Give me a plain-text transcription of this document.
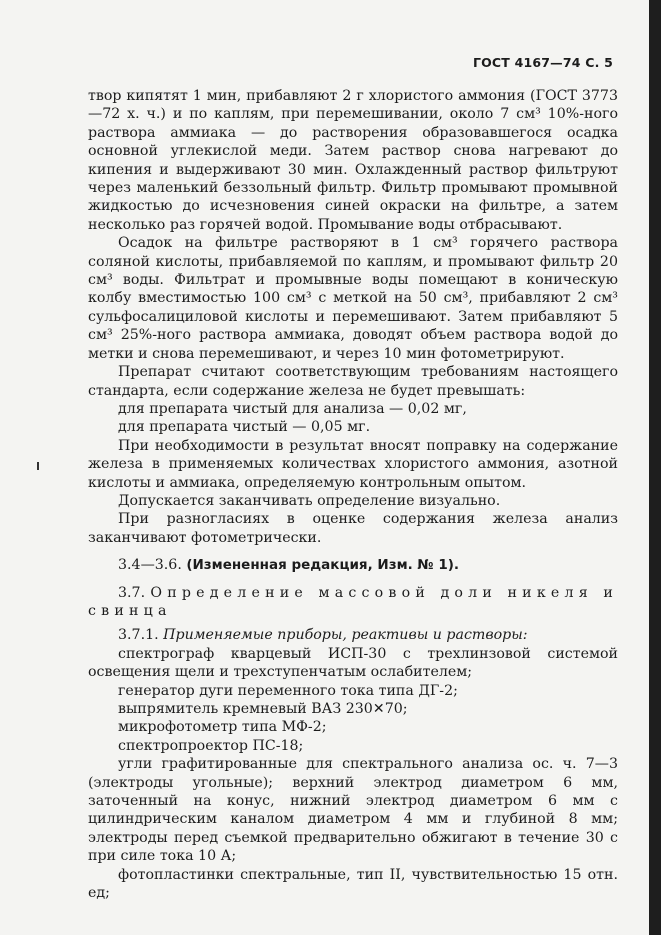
ГОСТ 4167—74 С. 5

твор кипятят 1 мин, прибавляют 2 г хлористого аммония (ГОСТ 3773—72 х. ч.) и по каплям, при перемешивании, около 7 см³ 10%-ного раствора аммиака — до растворения образовавшегося осадка основной углекислой меди. Затем раствор снова нагревают до кипения и выдерживают 30 мин. Охлажденный раствор фильтруют через маленький беззольный фильтр. Фильтр промывают промывной жидкостью до исчезновения синей окраски на фильтре, а затем несколько раз горячей водой. Промывание воды отбрасывают.

Осадок на фильтре растворяют в 1 см³ горячего раствора соляной кислоты, прибавляемой по каплям, и промывают фильтр 20 см³ воды. Фильтрат и промывные воды помещают в коническую колбу вместимостью 100 см³ с меткой на 50 см³, прибавляют 2 см³ сульфосалициловой кислоты и перемешивают. Затем прибавляют 5 см³ 25%-ного раствора аммиака, доводят объем раствора водой до метки и снова перемешивают, и через 10 мин фотометрируют.

Препарат считают соответствующим требованиям настоящего стандарта, если содержание железа не будет превышать:

для препарата чистый для анализа — 0,02 мг,

для препарата чистый — 0,05 мг.

При необходимости в результат вносят поправку на содержание железа в применяемых количествах хлористого аммония, азотной кислоты и аммиака, определяемую контрольным опытом.

Допускается заканчивать определение визуально.

При разногласиях в оценке содержания железа анализ заканчивают фотометрически.

3.4—3.6. (Измененная редакция, Изм. № 1).

3.7. Определение массовой доли никеля и свинца

3.7.1. Применяемые приборы, реактивы и растворы:

спектрограф кварцевый ИСП-30 с трехлинзовой системой освещения щели и трехступенчатым ослабителем;

генератор дуги переменного тока типа ДГ-2;

выпрямитель кремневый ВАЗ 230✕70;

микрофотометр типа МФ-2;

спектропроектор ПС-18;

угли графитированные для спектрального анализа ос. ч. 7—3 (электроды угольные); верхний электрод диаметром 6 мм, заточенный на конус, нижний электрод диаметром 6 мм с цилиндрическим каналом диаметром 4 мм и глубиной 8 мм; электроды перед съемкой предварительно обжигают в течение 30 с при силе тока 10 А;

фотопластинки спектральные, тип II, чувствительностью 15 отн. ед;
